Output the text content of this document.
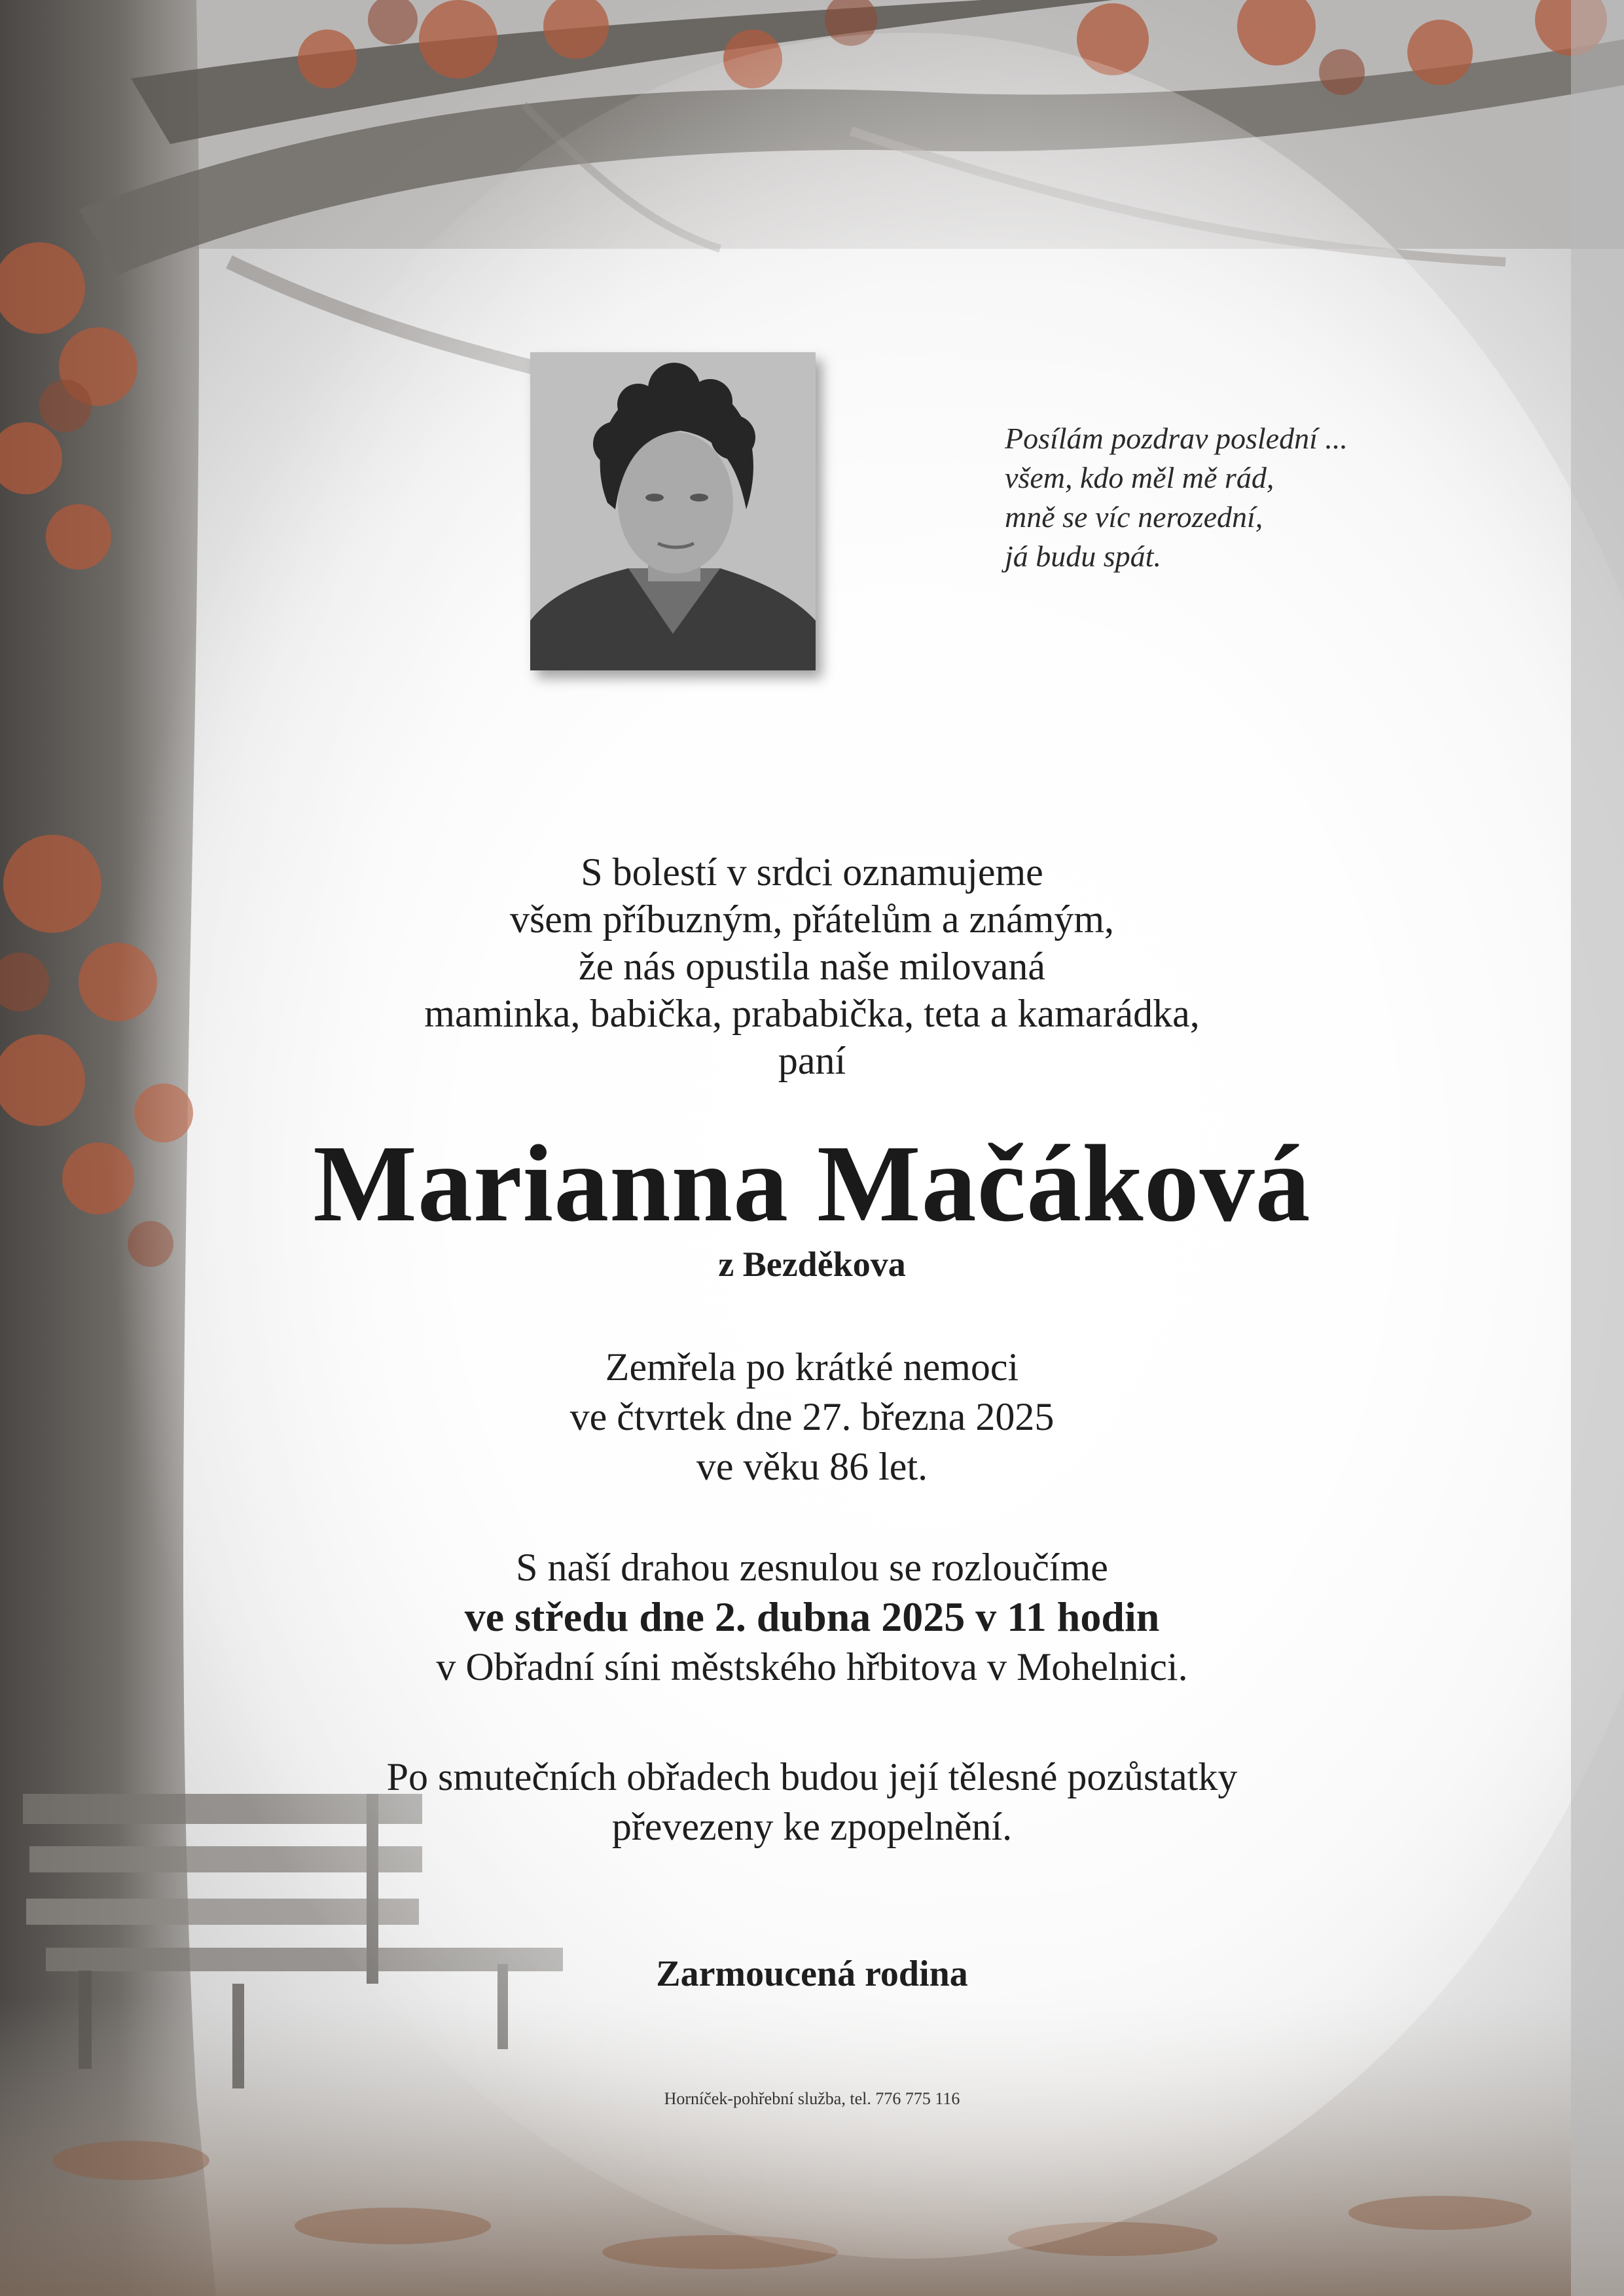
Posílám pozdrav poslední ...
všem, kdo měl mě rád,
mně se víc nerozední,
já budu spát.
S bolestí v srdci oznamujeme
všem příbuzným, přátelům a známým,
že nás opustila naše milovaná
maminka, babička, prababička, teta a kamarádka,
paní
Marianna Mačáková
z Bezděkova
Zemřela po krátké nemoci
ve čtvrtek dne 27. března 2025
ve věku 86 let.
S naší drahou zesnulou se rozloučíme
ve středu dne 2. dubna 2025 v 11 hodin
v Obřadní síni městského hřbitova v Mohelnici.
Po smutečních obřadech budou její tělesné pozůstatky
převezeny ke zpopelnění.
Zarmoucená rodina
Horníček-pohřební služba, tel. 776 775 116
